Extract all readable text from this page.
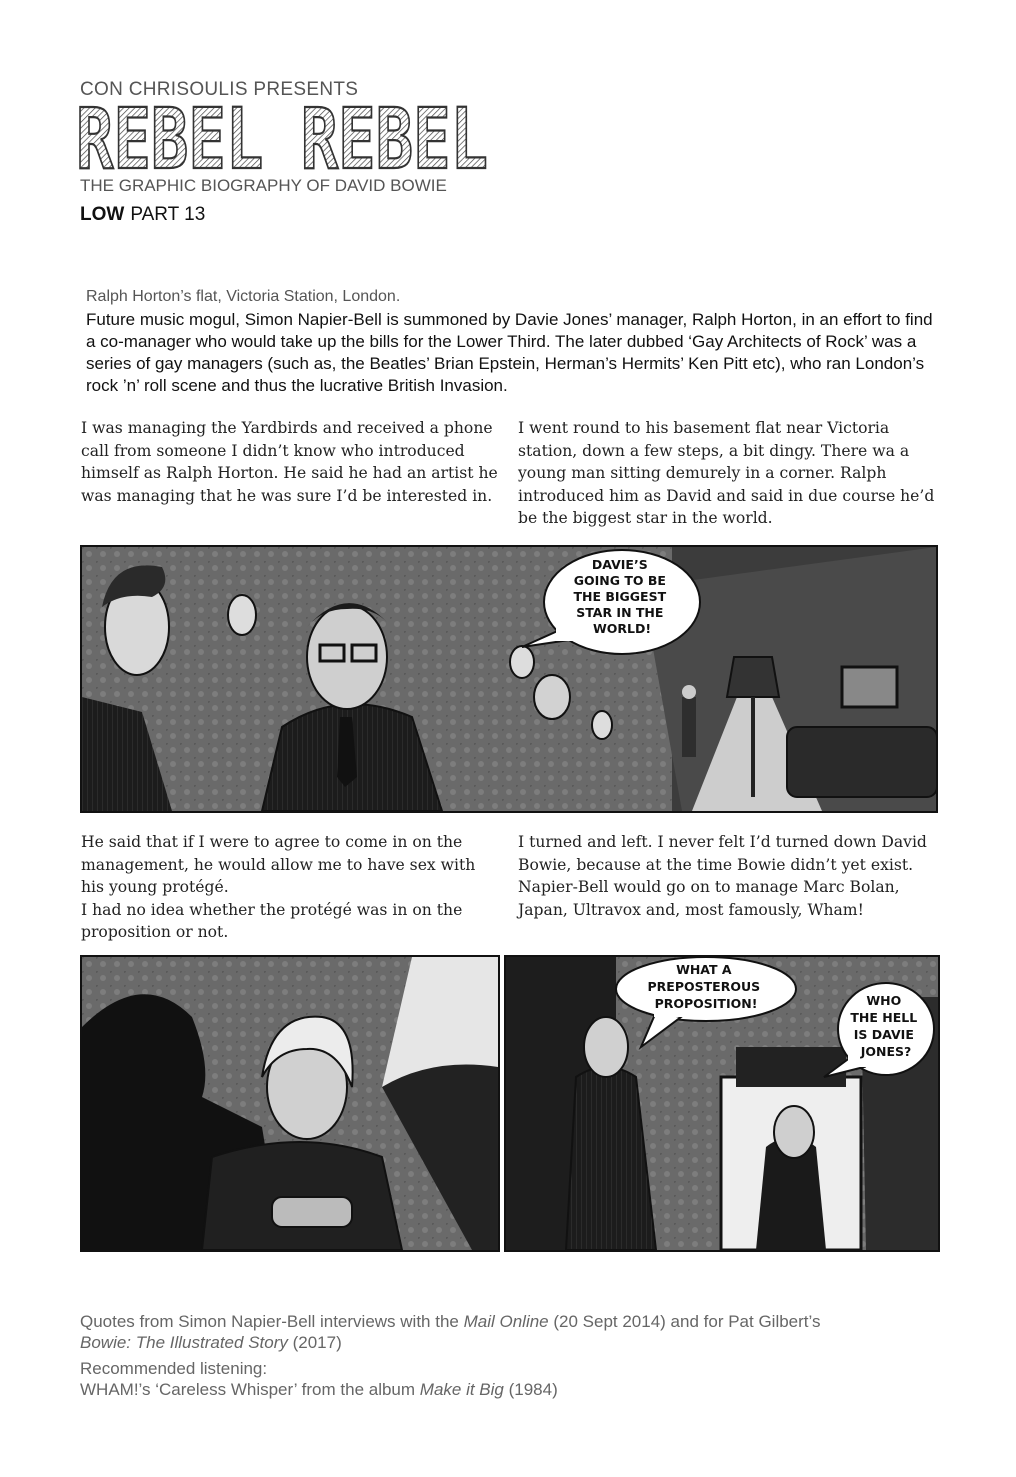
CON CHRISOULIS PRESENTS
REBEL REBEL
THE GRAPHIC BIOGRAPHY OF DAVID BOWIE
LOW PART 13
Ralph Horton’s flat, Victoria Station, London.
Future music mogul, Simon Napier-Bell is summoned by Davie Jones’ manager, Ralph Horton, in an effort to find a co-manager who would take up the bills for the Lower Third. The later dubbed ‘Gay Architects of Rock’ was a series of gay managers (such as, the Beatles’ Brian Epstein, Herman’s Hermits’ Ken Pitt etc), who ran London’s rock ’n’ roll scene and thus the lucrative British Invasion.
I was managing the Yardbirds and received a phone call from someone I didn’t know who introduced himself as Ralph Horton. He said he had an artist he was managing that he was sure I’d be interested in.
I went round to his basement flat near Victoria station, down a few steps, a bit dingy. There wa a young man sitting demurely in a corner. Ralph introduced him as David and said in due course he’d be the biggest star in the world.
DAVIE’S GOING TO BE THE BIGGEST STAR IN THE WORLD!

He said that if I were to agree to come in on the management, he would allow me to have sex with his young protégé.

I had no idea whether the protégé was in on the proposition or not.

I turned and left. I never felt I’d turned down David Bowie, because at the time Bowie didn’t yet exist.

Napier-Bell would go on to manage Marc Bolan, Japan, Ultravox and, most famously, Wham!

WHAT A PREPOSTEROUS PROPOSITION!	WHO THE HELL IS DAVIE JONES?
Quotes from Simon Napier-Bell interviews with the Mail Online (20 Sept 2014) and for Pat Gilbert’s
Bowie: The Illustrated Story (2017)
Recommended listening:
WHAM!’s ‘Careless Whisper’ from the album Make it Big (1984)
